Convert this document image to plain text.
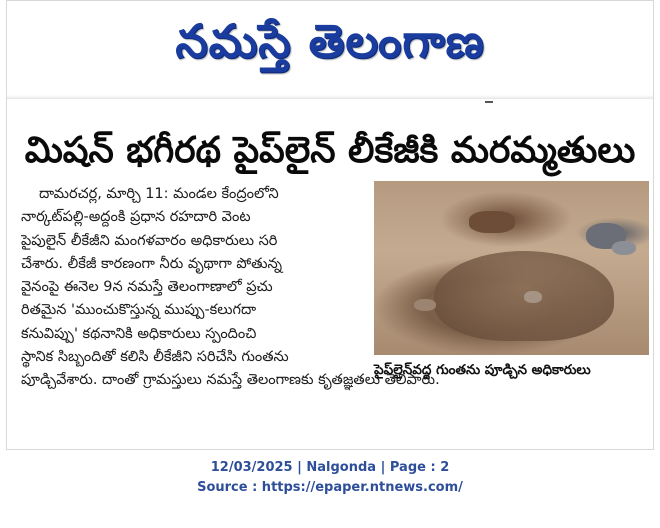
నమస్తే తెలంగాణ
మిషన్ భగీరథ పైప్‌లైన్ లీకేజీకి మరమ్మతులు
దామరచర్ల, మార్చి 11: మండల కేంద్రంలోని
నార్కట్‌పల్లి-అద్దంకి ప్రధాన రహదారి వెంట
పైపులైన్ లీకేజీని మంగళవారం అధికారులు సరి
చేశారు. లీకేజీ కారణంగా నీరు వృథాగా పోతున్న
వైనంపై ఈనెల 9న నమస్తే తెలంగాణాలో ప్రచు
రితమైన 'ముంచుకొస్తున్న ముప్పు-కలుగదా
కనువిప్పు' కథనానికి అధికారులు స్పందించి
స్థానిక సిబ్బందితో కలిసి లీకేజీని సరిచేసి గుంతను
పూడ్చివేశారు. దాంతో గ్రామస్తులు నమస్తే తెలంగాణకు కృతజ్ఞతలు తెలిపారు.
పైప్‌లైన్‌వద్ద గుంతను పూడ్చిన అధికారులు
12/03/2025 | Nalgonda | Page : 2
Source : https://epaper.ntnews.com/
